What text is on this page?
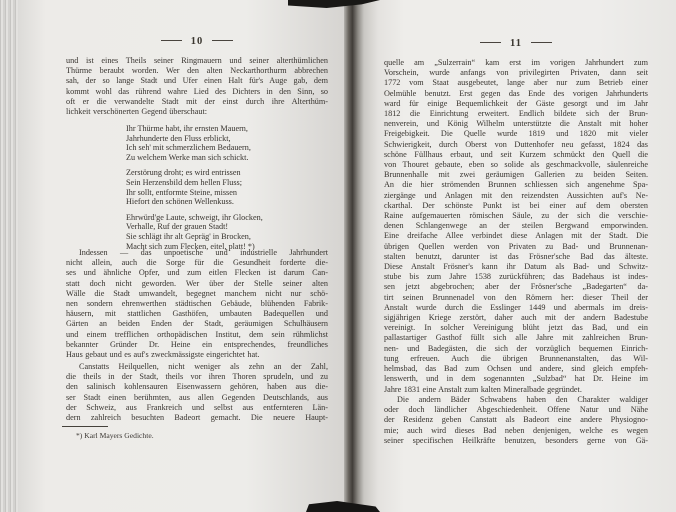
10
und ist eines Theils seiner Ringmauern und seiner alterthümlichen
Thürme beraubt worden. Wer den alten Neckarthorthurm abbrechen
sah, der so lange Stadt und Ufer einen Halt für's Auge gab, dem
kommt wohl das rührend wahre Lied des Dichters in den Sinn, so
oft er die verwandelte Stadt mit der einst durch ihre Alterthüm-
lichkeit verschönerten Gegend überschaut:
Ihr Thürme habt, ihr ernsten Mauern,
Jahrhunderte den Fluss erblickt,
Ich seh' mit schmerzlichem Bedauern,
Zu welchem Werke man sich schickt.
Zerstörung droht; es wird entrissen
Sein Herzensbild dem hellen Fluss;
Ihr sollt, entformte Steine, missen
Hiefort den schönen Wellenkuss.
Ehrwürd'ge Laute, schweigt, ihr Glocken,
Verhalle, Ruf der grauen Stadt!
Sie schlägt ihr alt Gepräg' in Brocken,
Macht sich zum Flecken, eitel, platt! *)
Indessen — das unpoetische und industrielle Jahrhundert
nicht allein, auch die Sorge für die Gesundheit forderte die-
ses und ähnliche Opfer, und zum eitlen Flecken ist darum Can-
statt doch nicht geworden. Wer über der Stelle seiner alten
Wälle die Stadt umwandelt, begegnet manchem nicht nur schö-
nen sondern ehrenwerthen städtischen Gebäude, blühenden Fabrik-
häusern, mit stattlichen Gasthöfen, umbauten Badequellen und
Gärten an beiden Enden der Stadt, geräumigen Schulhäusern
und einem trefflichen orthopädischen Institut, dem sein rühmlichst
bekannter Gründer Dr. Heine ein entsprechendes, freundliches
Haus gebaut und es auf's zweckmässigste eingerichtet hat.
Canstatts Heilquellen, nicht weniger als zehn an der Zahl,
die theils in der Stadt, theils vor ihren Thoren sprudeln, und zu
den salinisch kohlensauren Eisenwassern gehören, haben aus die-
ser Stadt einen berühmten, aus allen Gegenden Deutschlands, aus
der Schweiz, aus Frankreich und selbst aus entfernteren Län-
dern zahlreich besuchten Badeort gemacht. Die neuere Haupt-
*) Karl Mayers Gedichte.
11
quelle am „Sulzerrain“ kam erst im vorigen Jahrhundert zum
Vorschein, wurde anfangs von privilegirten Privaten, dann seit
1772 vom Staat ausgebeutet, lange aber nur zum Betrieb einer
Oelmühle benutzt. Erst gegen das Ende des vorigen Jahrhunderts
ward für einige Bequemlichkeit der Gäste gesorgt und im Jahr
1812 die Einrichtung erweitert. Endlich bildete sich der Brun-
nenverein, und König Wilhelm unterstützte die Anstalt mit hoher
Freigebigkeit. Die Quelle wurde 1819 und 1820 mit vieler
Schwierigkeit, durch Oberst von Duttenhofer neu gefasst, 1824 das
schöne Füllhaus erbaut, und seit Kurzem schmückt den Quell die
von Thouret gebaute, eben so solide als geschmackvolle, säulenreiche
Brunnenhalle mit zwei geräumigen Gallerien zu beiden Seiten.
An die hier strömenden Brunnen schliessen sich angenehme Spa-
ziergänge und Anlagen mit den reizendsten Aussichten auf's Ne-
ckarthal. Der schönste Punkt ist bei einer auf dem obersten
Raine aufgemauerten römischen Säule, zu der sich die verschie-
denen Schlangenwege an der steilen Bergwand emporwinden.
Eine dreifache Allee verbindet diese Anlagen mit der Stadt. Die
übrigen Quellen werden von Privaten zu Bad- und Brunnenan-
stalten benutzt, darunter ist das Frösner'sche Bad das älteste.
Diese Anstalt Frösner's kann ihr Datum als Bad- und Schwitz-
stube bis zum Jahre 1538 zurückführen; das Badehaus ist indes-
sen jetzt abgebrochen; aber der Frösner'sche „Badegarten“ da-
tirt seinen Brunnenadel von den Römern her: dieser Theil der
Anstalt wurde durch die Esslinger 1449 und abermals im dreis-
sigjährigen Kriege zerstört, daher auch mit der andern Badestube
vereinigt. In solcher Vereinigung blüht jetzt das Bad, und ein
pallastartiger Gasthof füllt sich alle Jahre mit zahlreichen Brun-
nen- und Badegästen, die sich der vorzüglich bequemen Einrich-
tung erfreuen. Auch die übrigen Brunnenanstalten, das Wil-
helmsbad, das Bad zum Ochsen und andere, sind gleich empfeh-
lenswerth, und in dem sogenannten „Sulzbad“ hat Dr. Heine im
Jahre 1831 eine Anstalt zum kalten Mineralbade gegründet.
Die andern Bäder Schwabens haben den Charakter waldiger
oder doch ländlicher Abgeschiedenheit. Offene Natur und Nähe
der Residenz geben Canstatt als Badeort eine andere Physiogno-
mie; auch wird dieses Bad neben denjenigen, welche es wegen
seiner specifischen Heilkräfte benutzen, besonders gerne von Gä-
